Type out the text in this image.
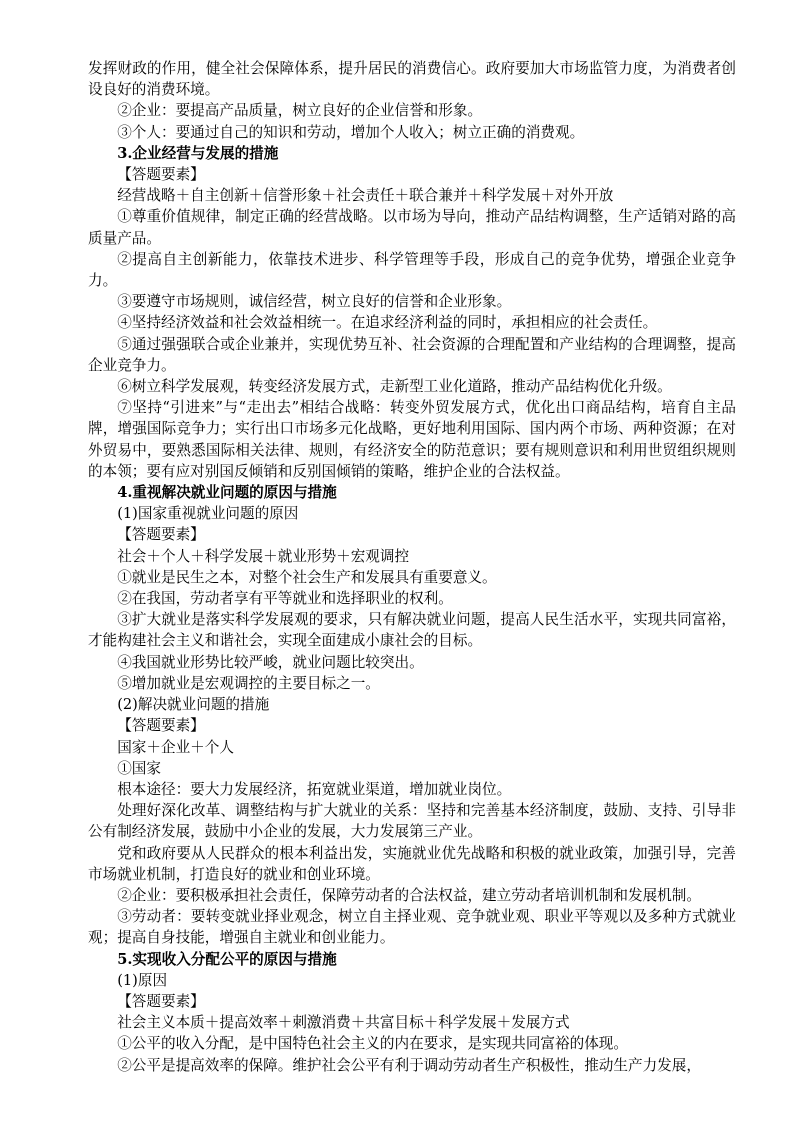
发挥财政的作用，健全社会保障体系，提升居民的消费信心。政府要加大市场监管力度，为消费者创设良好的消费环境。

②企业：要提高产品质量，树立良好的企业信誉和形象。

③个人：要通过自己的知识和劳动，增加个人收入；树立正确的消费观。

3.企业经营与发展的措施

【答题要素】

经营战略＋自主创新＋信誉形象＋社会责任＋联合兼并＋科学发展＋对外开放

①尊重价值规律，制定正确的经营战略。以市场为导向，推动产品结构调整，生产适销对路的高质量产品。

②提高自主创新能力，依靠技术进步、科学管理等手段，形成自己的竞争优势，增强企业竞争力。

③要遵守市场规则，诚信经营，树立良好的信誉和企业形象。

④坚持经济效益和社会效益相统一。在追求经济利益的同时，承担相应的社会责任。

⑤通过强强联合或企业兼并，实现优势互补、社会资源的合理配置和产业结构的合理调整，提高企业竞争力。

⑥树立科学发展观，转变经济发展方式，走新型工业化道路，推动产品结构优化升级。

⑦坚持“引进来”与“走出去”相结合战略：转变外贸发展方式，优化出口商品结构，培育自主品牌，增强国际竞争力；实行出口市场多元化战略，更好地利用国际、国内两个市场、两种资源；在对外贸易中，要熟悉国际相关法律、规则，有经济安全的防范意识；要有规则意识和利用世贸组织规则的本领；要有应对别国反倾销和反别国倾销的策略，维护企业的合法权益。

4.重视解决就业问题的原因与措施

(1)国家重视就业问题的原因

【答题要素】

社会＋个人＋科学发展＋就业形势＋宏观调控

①就业是民生之本，对整个社会生产和发展具有重要意义。

②在我国，劳动者享有平等就业和选择职业的权利。

③扩大就业是落实科学发展观的要求，只有解决就业问题，提高人民生活水平，实现共同富裕，才能构建社会主义和谐社会，实现全面建成小康社会的目标。

④我国就业形势比较严峻，就业问题比较突出。

⑤增加就业是宏观调控的主要目标之一。

(2)解决就业问题的措施

【答题要素】

国家＋企业＋个人

①国家

根本途径：要大力发展经济，拓宽就业渠道，增加就业岗位。

处理好深化改革、调整结构与扩大就业的关系：坚持和完善基本经济制度，鼓励、支持、引导非公有制经济发展，鼓励中小企业的发展，大力发展第三产业。

党和政府要从人民群众的根本利益出发，实施就业优先战略和积极的就业政策，加强引导，完善市场就业机制，打造良好的就业和创业环境。

②企业：要积极承担社会责任，保障劳动者的合法权益，建立劳动者培训机制和发展机制。

③劳动者：要转变就业择业观念，树立自主择业观、竞争就业观、职业平等观以及多种方式就业观；提高自身技能，增强自主就业和创业能力。

5.实现收入分配公平的原因与措施

(1)原因

【答题要素】

社会主义本质＋提高效率＋刺激消费＋共富目标＋科学发展＋发展方式

①公平的收入分配，是中国特色社会主义的内在要求，是实现共同富裕的体现。

②公平是提高效率的保障。维护社会公平有利于调动劳动者生产积极性，推动生产力发展，
